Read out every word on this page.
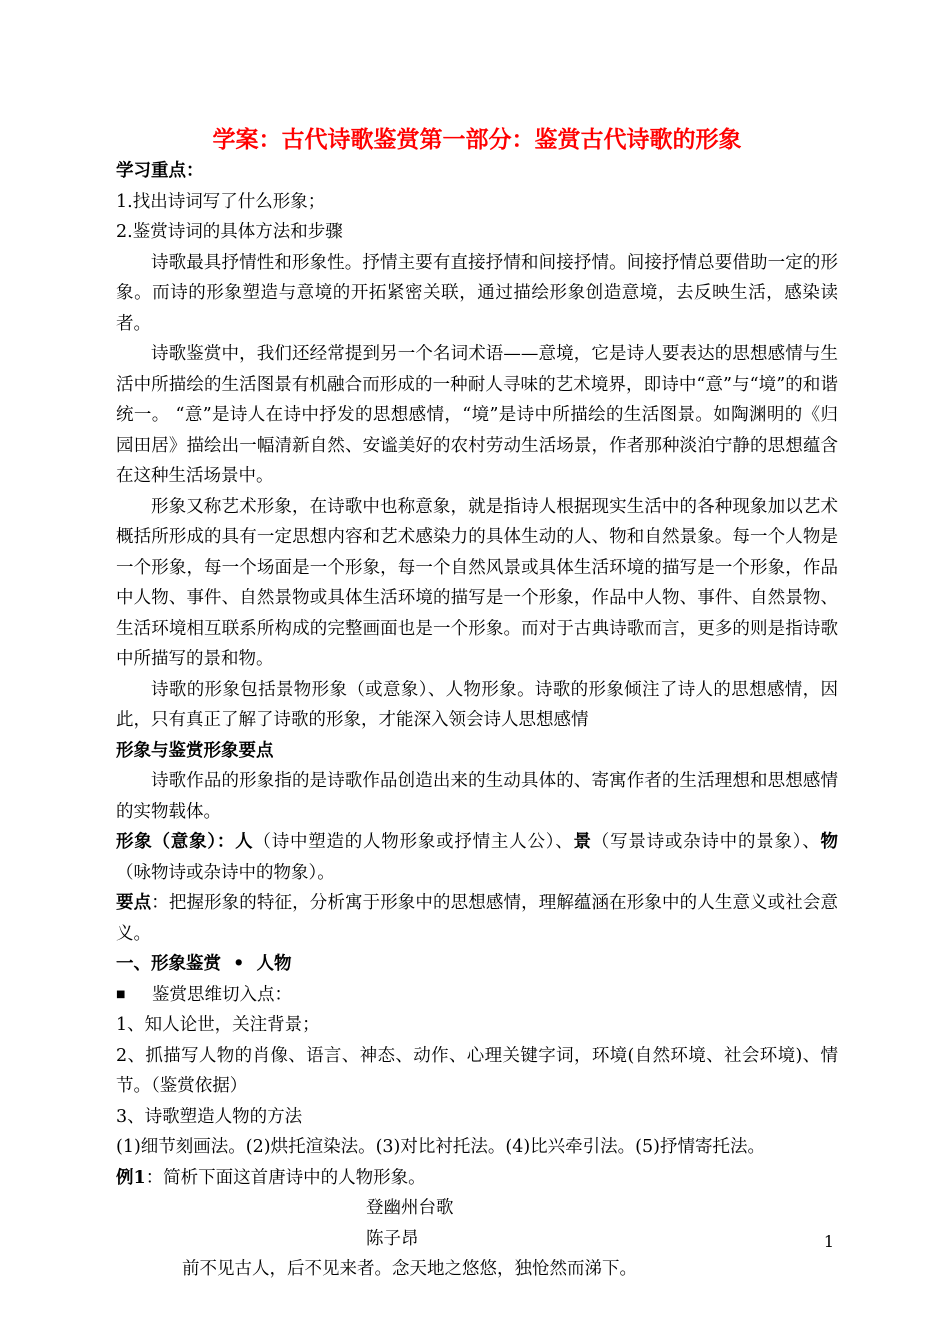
学案：古代诗歌鉴赏第一部分：鉴赏古代诗歌的形象

学习重点：

1.找出诗词写了什么形象；

2.鉴赏诗词的具体方法和步骤

诗歌最具抒情性和形象性。抒情主要有直接抒情和间接抒情。间接抒情总要借助一定的形象。而诗的形象塑造与意境的开拓紧密关联，通过描绘形象创造意境，去反映生活，感染读者。

诗歌鉴赏中，我们还经常提到另一个名词术语——意境，它是诗人要表达的思想感情与生活中所描绘的生活图景有机融合而形成的一种耐人寻味的艺术境界，即诗中“意”与“境”的和谐统一。 “意”是诗人在诗中抒发的思想感情，“境”是诗中所描绘的生活图景。如陶渊明的《归园田居》描绘出一幅清新自然、安谧美好的农村劳动生活场景，作者那种淡泊宁静的思想蕴含在这种生活场景中。

形象又称艺术形象，在诗歌中也称意象，就是指诗人根据现实生活中的各种现象加以艺术概括所形成的具有一定思想内容和艺术感染力的具体生动的人、物和自然景象。每一个人物是一个形象，每一个场面是一个形象，每一个自然风景或具体生活环境的描写是一个形象，作品中人物、事件、自然景物或具体生活环境的描写是一个形象，作品中人物、事件、自然景物、生活环境相互联系所构成的完整画面也是一个形象。而对于古典诗歌而言，更多的则是指诗歌中所描写的景和物。

诗歌的形象包括景物形象（或意象）、人物形象。诗歌的形象倾注了诗人的思想感情，因此，只有真正了解了诗歌的形象，才能深入领会诗人思想感情

形象与鉴赏形象要点

诗歌作品的形象指的是诗歌作品创造出来的生动具体的、寄寓作者的生活理想和思想感情的实物载体。

形象（意象）：人（诗中塑造的人物形象或抒情主人公）、景（写景诗或杂诗中的景象）、物（咏物诗或杂诗中的物象）。

要点：把握形象的特征，分析寓于形象中的思想感情，理解蕴涵在形象中的人生意义或社会意义。

一、形象鉴赏  •  人物

■ 鉴赏思维切入点：

1、知人论世，关注背景；

2、抓描写人物的肖像、语言、神态、动作、心理关键字词，环境(自然环境、社会环境)、情节。（鉴赏依据）

3、诗歌塑造人物的方法

(1)细节刻画法。(2)烘托渲染法。(3)对比衬托法。(4)比兴牵引法。(5)抒情寄托法。

例1：简析下面这首唐诗中的人物形象。

登幽州台歌

陈子昂

前不见古人，后不见来者。念天地之悠悠，独怆然而涕下。

1
